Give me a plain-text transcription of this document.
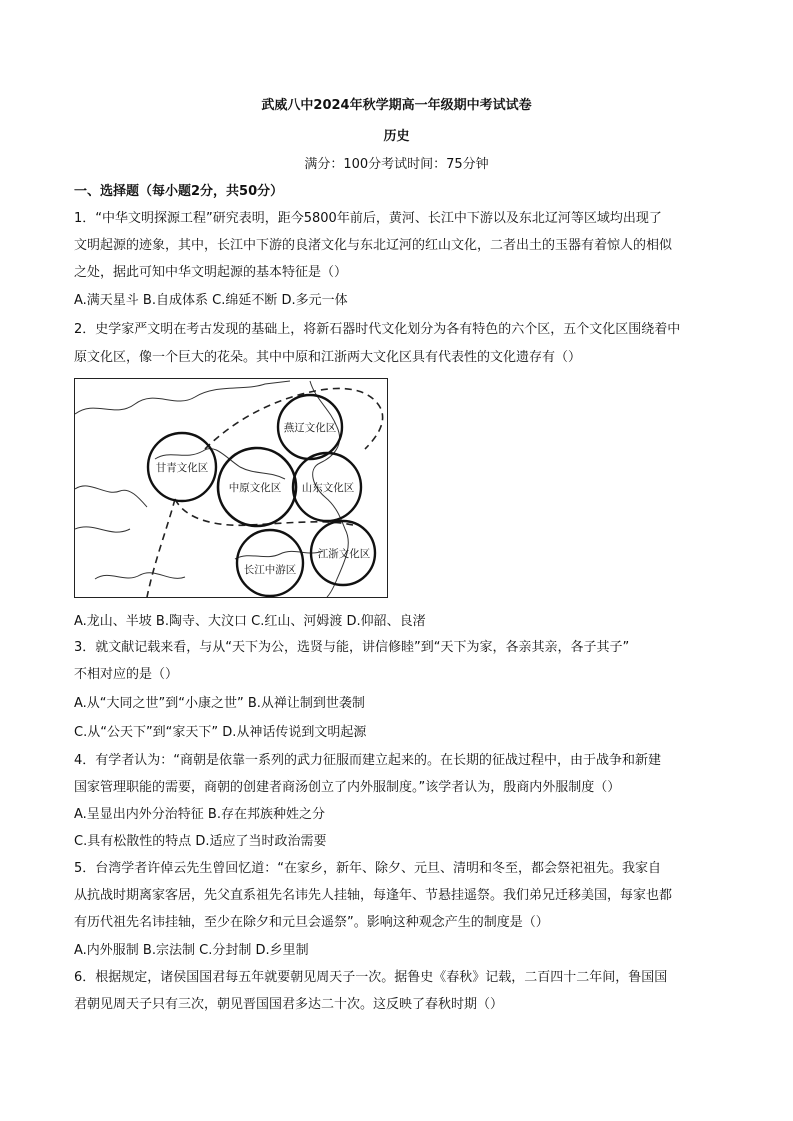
武威八中2024年秋学期高一年级期中考试试卷

历史

满分：100分考试时间：75分钟

一、选择题（每小题2分，共50分）

1．“中华文明探源工程”研究表明，距今5800年前后，黄河、长江中下游以及东北辽河等区域均出现了

文明起源的迹象，其中，长江中下游的良渚文化与东北辽河的红山文化，二者出土的玉器有着惊人的相似

之处，据此可知中华文明起源的基本特征是（）

A.满天星斗 B.自成体系 C.绵延不断 D.多元一体

2．史学家严文明在考古发现的基础上，将新石器时代文化划分为各有特色的六个区，五个文化区围绕着中

原文化区，像一个巨大的花朵。其中中原和江浙两大文化区具有代表性的文化遗存有（）

燕辽文化区
甘青文化区
中原文化区 山东文化区
江浙文化区
长江中游区

A.龙山、半坡 B.陶寺、大汶口 C.红山、河姆渡 D.仰韶、良渚

3．就文献记载来看，与从“天下为公，选贤与能，讲信修睦”到“天下为家，各亲其亲，各子其子”

不相对应的是（）

A.从“大同之世”到“小康之世” B.从禅让制到世袭制

C.从“公天下”到“家天下” D.从神话传说到文明起源

4．有学者认为：“商朝是依靠一系列的武力征服而建立起来的。在长期的征战过程中，由于战争和新建

国家管理职能的需要，商朝的创建者商汤创立了内外服制度。”该学者认为，殷商内外服制度（）

A.呈显出内外分治特征 B.存在邦族种姓之分

C.具有松散性的特点 D.适应了当时政治需要

5．台湾学者许倬云先生曾回忆道：“在家乡，新年、除夕、元旦、清明和冬至，都会祭祀祖先。我家自

从抗战时期离家客居，先父直系祖先名讳先人挂轴，每逢年、节悬挂遥祭。我们弟兄迁移美国，每家也都

有历代祖先名讳挂轴，至少在除夕和元旦会遥祭”。影响这种观念产生的制度是（）

A.内外服制 B.宗法制 C.分封制 D.乡里制

6．根据规定，诸侯国国君每五年就要朝见周天子一次。据鲁史《春秋》记载，二百四十二年间，鲁国国

君朝见周天子只有三次，朝见晋国国君多达二十次。这反映了春秋时期（）
